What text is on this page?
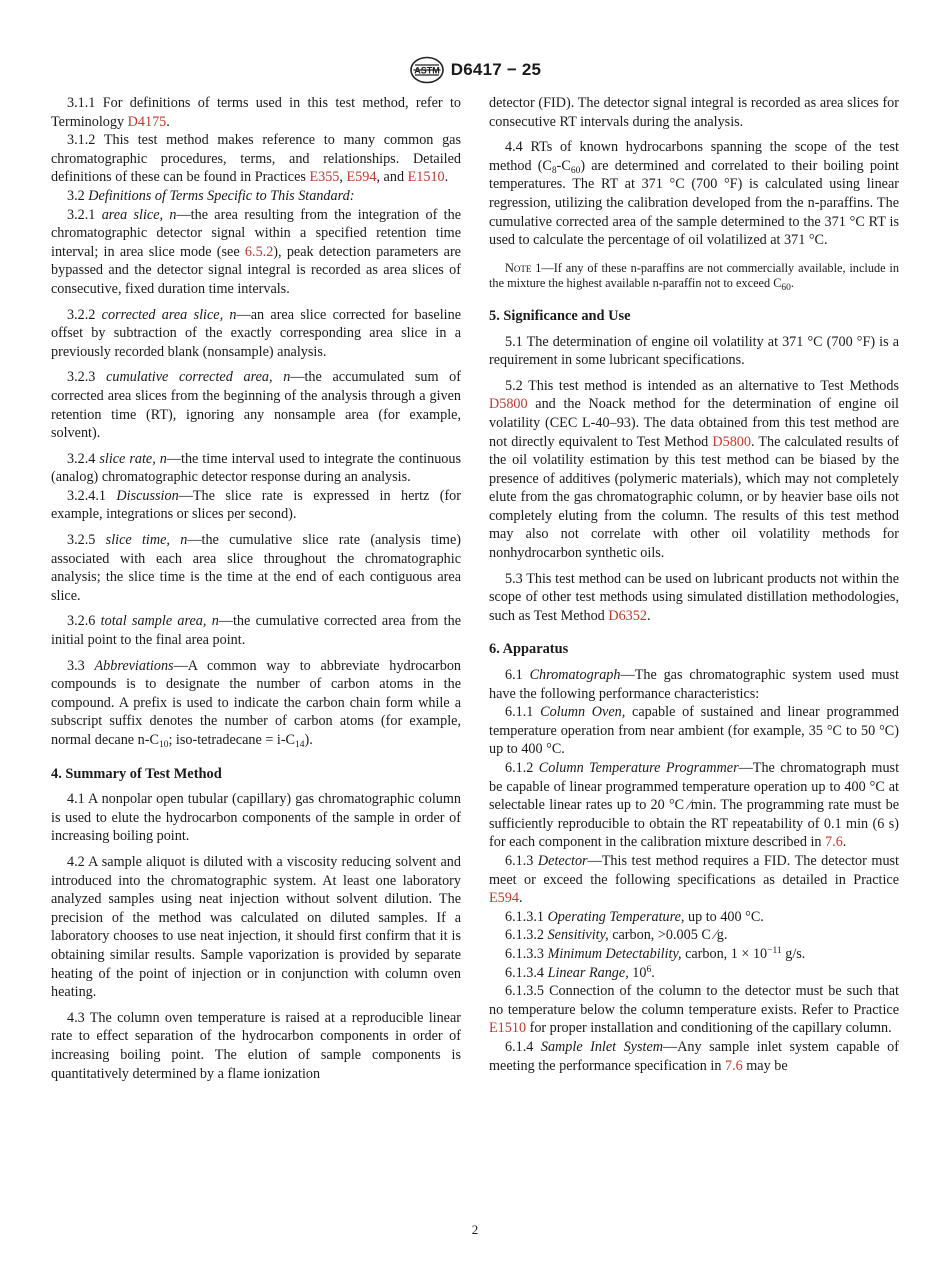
ASTM D6417 − 25

3.1.1 For definitions of terms used in this test method, refer to Terminology D4175.

3.1.2 This test method makes reference to many common gas chromatographic procedures, terms, and relationships. Detailed definitions of these can be found in Practices E355, E594, and E1510.

3.2 Definitions of Terms Specific to This Standard:

3.2.1 area slice, n—the area resulting from the integration of the chromatographic detector signal within a specified retention time interval; in area slice mode (see 6.5.2), peak detection parameters are bypassed and the detector signal integral is recorded as area slices of consecutive, fixed duration time intervals.

3.2.2 corrected area slice, n—an area slice corrected for baseline offset by subtraction of the exactly corresponding area slice in a previously recorded blank (nonsample) analysis.

3.2.3 cumulative corrected area, n—the accumulated sum of corrected area slices from the beginning of the analysis through a given retention time (RT), ignoring any nonsample area (for example, solvent).

3.2.4 slice rate, n—the time interval used to integrate the continuous (analog) chromatographic detector response during an analysis.

3.2.4.1 Discussion—The slice rate is expressed in hertz (for example, integrations or slices per second).

3.2.5 slice time, n—the cumulative slice rate (analysis time) associated with each area slice throughout the chromatographic analysis; the slice time is the time at the end of each contiguous area slice.

3.2.6 total sample area, n—the cumulative corrected area from the initial point to the final area point.

3.3 Abbreviations—A common way to abbreviate hydrocarbon compounds is to designate the number of carbon atoms in the compound. A prefix is used to indicate the carbon chain form while a subscript suffix denotes the number of carbon atoms (for example, normal decane $n-C_{10}$; iso-tetradecane = $i-C_{14}$).

4. Summary of Test Method

4.1 A nonpolar open tubular (capillary) gas chromatographic column is used to elute the hydrocarbon components of the sample in order of increasing boiling point.

4.2 A sample aliquot is diluted with a viscosity reducing solvent and introduced into the chromatographic system. At least one laboratory analyzed samples using neat injection without solvent dilution. The precision of the method was calculated on diluted samples. If a laboratory chooses to use neat injection, it should first confirm that it is obtaining similar results. Sample vaporization is provided by separate heating of the point of injection or in conjunction with column oven heating.

4.3 The column oven temperature is raised at a reproducible linear rate to effect separation of the hydrocarbon components in order of increasing boiling point. The elution of sample components is quantitatively determined by a flame ionization

detector (FID). The detector signal integral is recorded as area slices for consecutive RT intervals during the analysis.

4.4 RTs of known hydrocarbons spanning the scope of the test method $(C_8-C_{60})$ are determined and correlated to their boiling point temperatures. The RT at 371 °C (700 °F) is calculated using linear regression, utilizing the calibration developed from the n-paraffins. The cumulative corrected area of the sample determined to the 371 °C RT is used to calculate the percentage of oil volatilized at 371 °C.

Note 1—If any of these n-paraffins are not commercially available, include in the mixture the highest available n-paraffin not to exceed $C_{60}$.

5. Significance and Use

5.1 The determination of engine oil volatility at 371 °C (700 °F) is a requirement in some lubricant specifications.

5.2 This test method is intended as an alternative to Test Methods D5800 and the Noack method for the determination of engine oil volatility (CEC L-40–93). The data obtained from this test method are not directly equivalent to Test Method D5800. The calculated results of the oil volatility estimation by this test method can be biased by the presence of additives (polymeric materials), which may not completely elute from the gas chromatographic column, or by heavier base oils not completely eluting from the column. The results of this test method may also not correlate with other oil volatility methods for nonhydrocarbon synthetic oils.

5.3 This test method can be used on lubricant products not within the scope of other test methods using simulated distillation methodologies, such as Test Method D6352.

6. Apparatus

6.1 Chromatograph—The gas chromatographic system used must have the following performance characteristics:

6.1.1 Column Oven, capable of sustained and linear programmed temperature operation from near ambient (for example, 35 °C to 50 °C) up to 400 °C.

6.1.2 Column Temperature Programmer—The chromatograph must be capable of linear programmed temperature operation up to 400 °C at selectable linear rates up to 20 °C ⁄min. The programming rate must be sufficiently reproducible to obtain the RT repeatability of 0.1 min (6 s) for each component in the calibration mixture described in 7.6.

6.1.3 Detector—This test method requires a FID. The detector must meet or exceed the following specifications as detailed in Practice E594.

6.1.3.1 Operating Temperature, up to 400 °C.

6.1.3.2 Sensitivity, carbon, >0.005 C ⁄g.

6.1.3.3 Minimum Detectability, carbon, $1 \times 10^{-11}$ g/s.

6.1.3.4 Linear Range, $10^6$.

6.1.3.5 Connection of the column to the detector must be such that no temperature below the column temperature exists. Refer to Practice E1510 for proper installation and conditioning of the capillary column.

6.1.4 Sample Inlet System—Any sample inlet system capable of meeting the performance specification in 7.6 may be

2
